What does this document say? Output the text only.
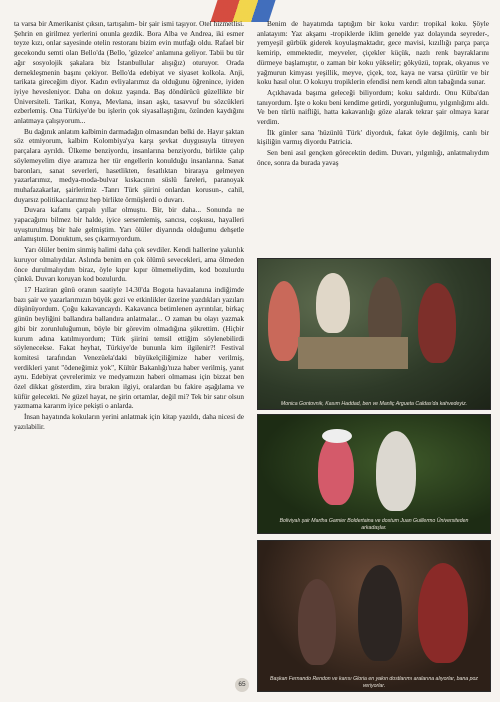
ta varsa bir Amerikanist çıksın, tartışalım- bir şair ismi taşıyor. Otel hizmetlisi. Şehrin en girilmez yerlerini onunla gezdik. Bora Alba ve Andrea, iki esmer teyze kızı, onlar sayesinde otelin restoranı bizim evin mutfağı oldu. Rafael bir gecekondu semti olan Bello'da (Bello, 'güzelce' anlamına geliyor. Tabii bu tür ağır sosyolojik şakalara biz İstanbullular alışığız) oturuyor. Orada dernekleşmenin başını çekiyor. Bello'da edebiyat ve siyaset kolkola. Anji, tarikata gireceğim diyor. Kadın evliyalarımız da olduğunu öğrenince, iyiden iyiye hevesleniyor. Daha on dokuz yaşında. Baş döndürücü güzellikte bir Üniversiteli. Tarikat, Konya, Mevlana, insan aşkı, tasavvuf bu sözcükleri ezberlemiş. Ona Türkiye'de bu işlerin çok siyasallaştığını, özünden kaydığını anlatmaya çalışıyorum...

Bu dağınık anlatım kalbimin darmadağın olmasından belki de. Hayır şaktan söz etmiyorum, kalbim Kolombiya'ya karşı şevkat duygusuyla titreyen parçalara ayrıldı. Ülkeme benziyordu, insanlarına benziyordu, birlikte çalıp söylemeyelim diye aramıza her tür engellerin konulduğu insanlarına. Sanat baronları, sanat severleri, hasetlikten, fesatlıktan biraraya gelmeyen yazarlarımız, medya-moda-bulvar kıskacının süslü fareleri, paranoyak muhafazakarlar, şairlerimiz -Tanrı Türk şiirini onlardan korusun-, cahil, duyarsız politikacılarımız hep birlikte örmüşlerdi o duvarı.

Duvara kafamı çarpalı yıllar olmuştu. Bir, bir daha... Sonunda ne yapacağımı bilmez bir halde, iyice sersemlemiş, sancısı, coşkusu, hayalleri uyuşturulmuş bir hale gelmiştim. Yarı ölüler diyarında olduğumu dehşetle anlamıştım. Donuktum, ses çıkarmıyordum.

Yarı ölüler benim sinmiş halimi daha çok sevdiler. Kendi hallerine yakınlık kuruyor olmalıydılar. Aslında benim en çok ölümü sevecekleri, ama ölmeden önce durulmalıydım biraz, öyle kıpır kıpır ölmemeliydim, kod bozulurdu çünkü. Duvarı koruyan kod bozulurdu.

17 Haziran günü oranın saatiyle 14.30'da Bogota havaalanına indiğimde bazı şair ve yazarlarımızın büyük gezi ve etkinlikler üzerine yazdıkları yazıları düşünüyordum. Çoğu kakavancaydı. Kakavanca betimlenen ayrıntılar, birkaç günün beyliğini ballandıra ballandıra anlatmalar... O zaman bu olayı yazmak gibi bir zorunluluğumun, böyle bir görevim olmadığına şükrettim. (Hiçbir kurum adına katılmıyordum; Türk şiirini temsil ettiğim söylenebilirdi söylenecekse. Fakat heyhat, Türkiye'de bununla kim ilgilenir?! Festival komitesi tarafından Venezüela'daki büyükelçiliğimize haber verilmiş, verdikleri yanıt "ödeneğimiz yok", Kültür Bakanlığı'nıza haber verilmiş, yanıt aynı. Edebiyat çevrelerimiz ve medyamızın haberi olmaması için bizzat ben özel dikkat gösterdim, zira bırakın ilgiyi, oralardan bu fakire aşağılama ve küfür gelecekti. Ne güzel hayat, ne şirin ortamlar, değil mi? Tek bir satır olsun yazmama kararım iyice pekişti o anlarda.

İnsan hayatında kokuların yerini anlatmak için kitap yazıldı, daha nicesi de yazılabilir.

Benim de hayatımda taptığım bir koku vardır: tropikal koku. Şöyle anlatayım: Yaz akşamı -tropiklerde iklim genelde yaz dolayında seyreder-, yemyeşil gürbük giderek koyulaşmaktadır, gece mavisi, kızıllığı parça parça kemirip, emmektedir, meyveler, çiçekler küçük, nazlı renk bayraklarını dürmeye başlamıştır, o zaman bir koku yükselir; gökyüzü, toprak, okyanus ve yağmurun kimyası yeşillik, meyve, çiçek, toz, kaya ne varsa çürütür ve bir koku hasıl olur. O kokuyu tropiklerin efendisi nem kendi altın tabağında sunar.

Açıkhavada başıma geleceği biliyordum; koku saldırdı. Onu Küba'dan tanıyordum. İşte o koku beni kendime getirdi, yorgunluğumu, yılgınlığımı aldı. Ve ben türlü naifliği, hatta kakavanlığı göze alarak tekrar şair olmaya karar verdim.

İlk günler sana 'hüzünlü Türk' diyorduk, fakat öyle değilmiş, canlı bir kişiliğin varmış diyordu Patricia.

Sen beni asıl gençken görecektin dedim. Duvarı, yılgınlığı, anlatmalıydım önce, sonra da burada yavaş

Monica Gontovnik, Kasım Haddad, ben ve Manliç Argueta Caldas'da kahvedeyiz.
Boliviyalı şair Martha Gamier Boldertaina ve dostum Juan Guillermo Üniversiteden arkadaşlar.
Başkan Fernando Rendon ve karısı Gloria en yakın dostlarımı aralarına alıyorlar, bana poz veriyorlar.
65
